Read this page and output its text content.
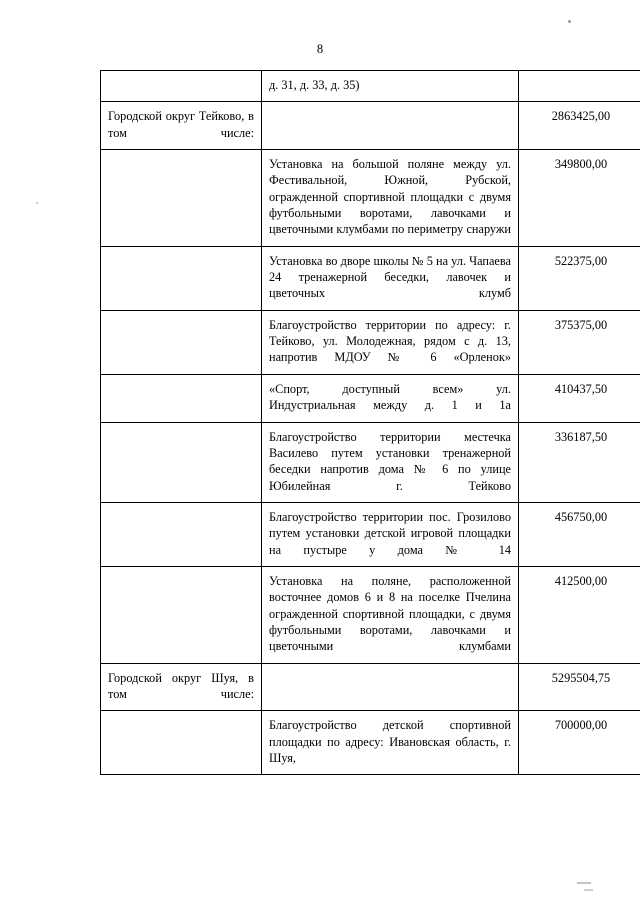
8
	д. 31, д. 33, д. 35)	
Городской округ Тейково, в том числе:		2863425,00
	Установка на большой поляне между ул. Фестивальной, Южной, Рубской, огражденной спортивной площадки с двумя футбольными воротами, лавочками и цветочными клумбами по периметру снаружи	349800,00
	Установка во дворе школы № 5 на ул. Чапаева 24 тренажерной беседки, лавочек и цветочных клумб	522375,00
	Благоустройство территории по адресу: г. Тейково, ул. Молодежная, рядом с д. 13, напротив МДОУ № 6 «Орленок»	375375,00
	«Спорт, доступный всем» ул. Индустриальная между д. 1 и 1а	410437,50
	Благоустройство территории местечка Василево путем установки тренажерной беседки напротив дома № 6 по улице Юбилейная г. Тейково	336187,50
	Благоустройство территории пос. Грозилово путем установки детской игровой площадки на пустыре у дома № 14	456750,00
	Установка на поляне, расположенной восточнее домов 6 и 8 на поселке Пчелина огражденной спортивной площадки, с двумя футбольными воротами, лавочками и цветочными клумбами	412500,00
Городской округ Шуя, в том числе:		5295504,75
	Благоустройство детской спортивной площадки по адресу: Ивановская область, г. Шуя,	700000,00
